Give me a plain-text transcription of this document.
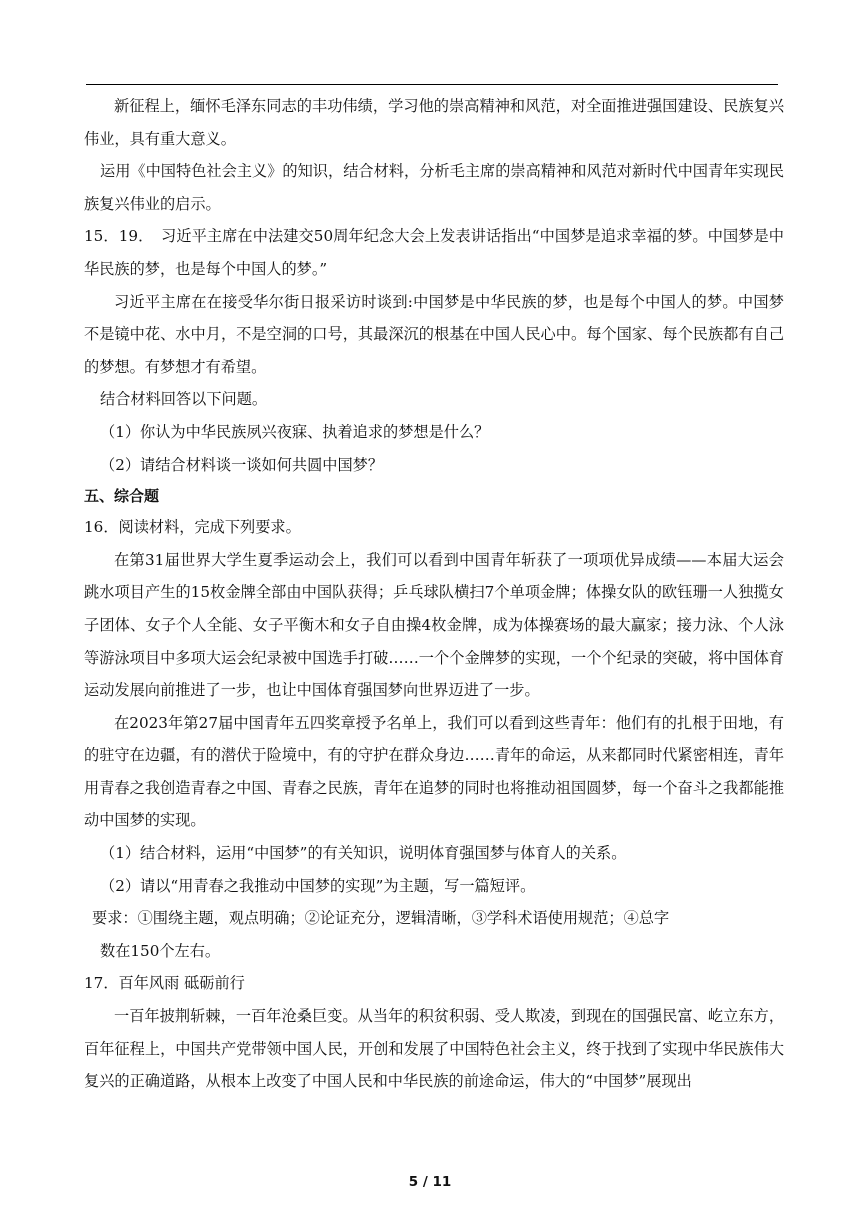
新征程上，缅怀毛泽东同志的丰功伟绩，学习他的崇高精神和风范，对全面推进强国建设、民族复兴伟业，具有重大意义。

运用《中国特色社会主义》的知识，结合材料，分析毛主席的崇高精神和风范对新时代中国青年实现民族复兴伟业的启示。

15．19．　习近平主席在中法建交50周年纪念大会上发表讲话指出“中国梦是追求幸福的梦。中国梦是中华民族的梦，也是每个中国人的梦。”

习近平主席在在接受华尔街日报采访时谈到:中国梦是中华民族的梦，也是每个中国人的梦。中国梦不是镜中花、水中月，不是空洞的口号，其最深沉的根基在中国人民心中。每个国家、每个民族都有自己的梦想。有梦想才有希望。

结合材料回答以下问题。

（1）你认为中华民族夙兴夜寐、执着追求的梦想是什么？

（2）请结合材料谈一谈如何共圆中国梦？

五、综合题

16．阅读材料，完成下列要求。

在第31届世界大学生夏季运动会上，我们可以看到中国青年斩获了一项项优异成绩——本届大运会跳水项目产生的15枚金牌全部由中国队获得；乒乓球队横扫7个单项金牌；体操女队的欧钰珊一人独揽女子团体、女子个人全能、女子平衡木和女子自由操4枚金牌，成为体操赛场的最大赢家；接力泳、个人泳等游泳项目中多项大运会纪录被中国选手打破……一个个金牌梦的实现，一个个纪录的突破，将中国体育运动发展向前推进了一步，也让中国体育强国梦向世界迈进了一步。

在2023年第27届中国青年五四奖章授予名单上，我们可以看到这些青年：他们有的扎根于田地，有的驻守在边疆，有的潜伏于险境中，有的守护在群众身边……青年的命运，从来都同时代紧密相连，青年用青春之我创造青春之中国、青春之民族，青年在追梦的同时也将推动祖国圆梦，每一个奋斗之我都能推动中国梦的实现。

（1）结合材料，运用“中国梦”的有关知识，说明体育强国梦与体育人的关系。

（2）请以“用青春之我推动中国梦的实现”为主题，写一篇短评。

要求：①围绕主题，观点明确；②论证充分，逻辑清晰，③学科术语使用规范；④总字

数在150个左右。

17．百年风雨 砥砺前行

一百年披荆斩棘，一百年沧桑巨变。从当年的积贫积弱、受人欺凌，到现在的国强民富、屹立东方，百年征程上，中国共产党带领中国人民，开创和发展了中国特色社会主义，终于找到了实现中华民族伟大复兴的正确道路，从根本上改变了中国人民和中华民族的前途命运，伟大的“中国梦”展现出

5 / 11
